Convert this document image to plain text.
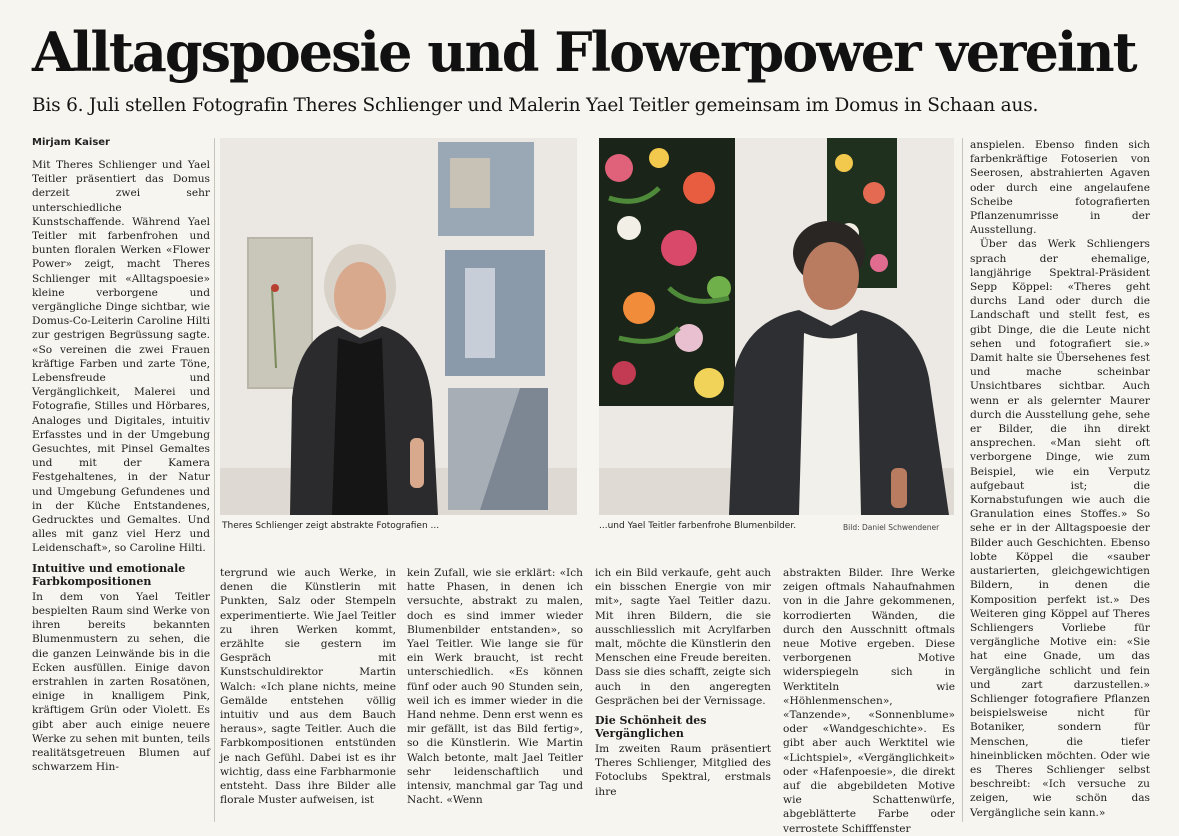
Alltagspoesie und Flowerpower vereint
Bis 6. Juli stellen Fotografin Theres Schlienger und Malerin Yael Teitler gemeinsam im Domus in Schaan aus.
Mirjam Kaiser

Mit Theres Schlienger und Yael Teitler präsentiert das Domus derzeit zwei sehr unterschiedliche Kunstschaffende. Während Yael Teitler mit farbenfrohen und bunten floralen Werken «Flower Power» zeigt, macht Theres Schlienger mit «Alltagspoesie» kleine verborgene und vergängliche Dinge sichtbar, wie Domus-Co-Leiterin Caroline Hilti zur gestrigen Begrüssung sagte. «So vereinen die zwei Frauen kräftige Farben und zarte Töne, Lebensfreude und Vergänglichkeit, Malerei und Fotografie, Stilles und Hörbares, Analoges und Digitales, intuitiv Erfasstes und in der Umgebung Gesuchtes, mit Pinsel Gemaltes und mit der Kamera Festgehaltenes, in der Natur und Umgebung Gefundenes und in der Küche Entstandenes, Gedrucktes und Gemaltes. Und alles mit ganz viel Herz und Leidenschaft», so Caroline Hilti.

Intuitive und emotionale Farbkompositionen

In dem von Yael Teitler bespielten Raum sind Werke von ihren bereits bekannten Blumenmustern zu sehen, die die ganzen Leinwände bis in die Ecken ausfüllen. Einige davon erstrahlen in zarten Rosatönen, einige in knalligem Pink, kräftigem Grün oder Violett. Es gibt aber auch einige neuere Werke zu sehen mit bunten, teils realitätsgetreuen Blumen auf schwarzem Hin-

Theres Schlienger zeigt abstrakte Fotografien ...	...und Yael Teitler farbenfrohe Blumenbilder.	Bild: Daniel Schwendener

tergrund wie auch Werke, in denen die Künstlerin mit Punkten, Salz oder Stempeln experimentierte. Wie Jael Teitler zu ihren Werken kommt, erzählte sie gestern im Gespräch mit Kunstschuldirektor Martin Walch: «Ich plane nichts, meine Gemälde entstehen völlig intuitiv und aus dem Bauch heraus», sagte Teitler. Auch die Farbkompositionen entstünden je nach Gefühl. Dabei ist es ihr wichtig, dass eine Farbharmonie entsteht. Dass ihre Bilder alle florale Muster aufweisen, ist

kein Zufall, wie sie erklärt: «Ich hatte Phasen, in denen ich versuchte, abstrakt zu malen, doch es sind immer wieder Blumenbilder entstanden», so Yael Teitler. Wie lange sie für ein Werk braucht, ist recht unterschiedlich. «Es können fünf oder auch 90 Stunden sein, weil ich es immer wieder in die Hand nehme. Denn erst wenn es mir gefällt, ist das Bild fertig», so die Künstlerin. Wie Martin Walch betonte, malt Jael Teitler sehr leidenschaftlich und intensiv, manchmal gar Tag und Nacht. «Wenn

ich ein Bild verkaufe, geht auch ein bisschen Energie von mir mit», sagte Yael Teitler dazu. Mit ihren Bildern, die sie ausschliesslich mit Acrylfarben malt, möchte die Künstlerin den Menschen eine Freude bereiten. Dass sie dies schafft, zeigte sich auch in den angeregten Gesprächen bei der Vernissage.

Die Schönheit des Vergänglichen

Im zweiten Raum präsentiert Theres Schlienger, Mitglied des Fotoclubs Spektral, erstmals ihre

abstrakten Bilder. Ihre Werke zeigen oftmals Nahaufnahmen von in die Jahre gekommenen, korrodierten Wänden, die durch den Ausschnitt oftmals neue Motive ergeben. Diese verborgenen Motive widerspiegeln sich in Werktiteln wie «Höhlenmenschen», «Tanzende», «Sonnenblume» oder «Wandgeschichte». Es gibt aber auch Werktitel wie «Lichtspiel», «Vergänglichkeit» oder «Hafenpoesie», die direkt auf die abgebildeten Motive wie Schattenwürfe, abgeblätterte Farbe oder verrostete Schifffenster

anspielen. Ebenso finden sich farbenkräftige Fotoserien von Seerosen, abstrahierten Agaven oder durch eine angelaufene Scheibe fotografierten Pflanzenumrisse in der Ausstellung.

Über das Werk Schliengers sprach der ehemalige, langjährige Spektral-Präsident Sepp Köppel: «Theres geht durchs Land oder durch die Landschaft und stellt fest, es gibt Dinge, die die Leute nicht sehen und fotografiert sie.» Damit halte sie Übersehenes fest und mache scheinbar Unsichtbares sichtbar. Auch wenn er als gelernter Maurer durch die Ausstellung gehe, sehe er Bilder, die ihn direkt ansprechen. «Man sieht oft verborgene Dinge, wie zum Beispiel, wie ein Verputz aufgebaut ist; die Kornabstufungen wie auch die Granulation eines Stoffes.» So sehe er in der Alltagspoesie der Bilder auch Geschichten. Ebenso lobte Köppel die «sauber austarierten, gleichgewichtigen Bildern, in denen die Komposition perfekt ist.» Des Weiteren ging Köppel auf Theres Schliengers Vorliebe für vergängliche Motive ein: «Sie hat eine Gnade, um das Vergängliche schlicht und fein und zart darzustellen.» Schlienger fotografiere Pflanzen beispielsweise nicht für Botaniker, sondern für Menschen, die tiefer hineinblicken möchten. Oder wie es Theres Schlienger selbst beschreibt: «Ich versuche zu zeigen, wie schön das Vergängliche sein kann.»
